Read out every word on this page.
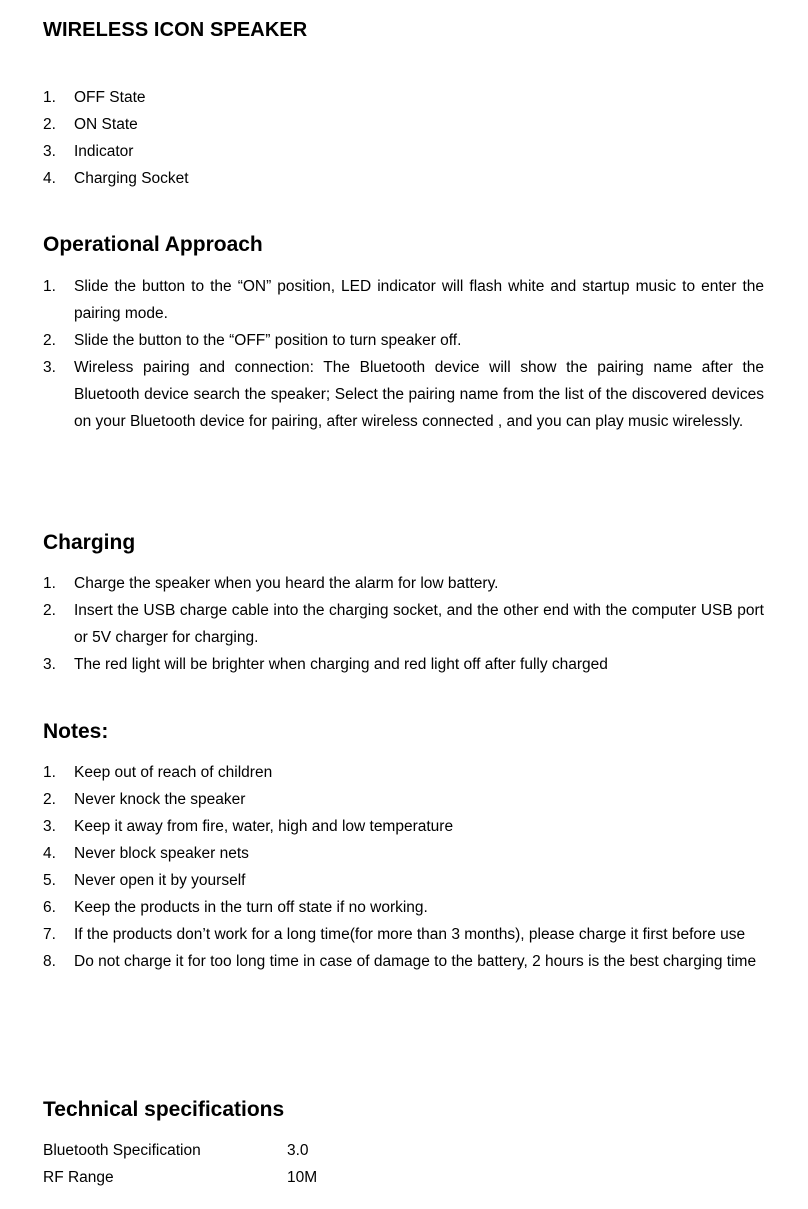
WIRELESS ICON SPEAKER
1. OFF State
2. ON State
3. Indicator
4. Charging Socket
Operational Approach
1. Slide the button to the “ON” position, LED indicator will flash white and startup music to enter the pairing mode.
2. Slide the button to the “OFF” position to turn speaker off.
3. Wireless pairing and connection: The Bluetooth device will show the pairing name after the Bluetooth device search the speaker; Select the pairing name from the list of the discovered devices on your Bluetooth device for pairing, after wireless connected , and you can play music wirelessly.
Charging
1. Charge the speaker when you heard the alarm for low battery.
2. Insert the USB charge cable into the charging socket, and the other end with the computer USB port or 5V charger for charging.
3. The red light will be brighter when charging and red light off after fully charged
Notes:
1. Keep out of reach of children
2. Never knock the speaker
3. Keep it away from fire, water, high and low temperature
4. Never block speaker nets
5. Never open it by yourself
6. Keep the products in the turn off state if no working.
7. If the products don’t work for a long time(for more than 3 months), please charge it first before use
8. Do not charge it for too long time in case of damage to the battery, 2 hours is the best charging time
Technical specifications
Bluetooth Specification	3.0
RF Range	10M
